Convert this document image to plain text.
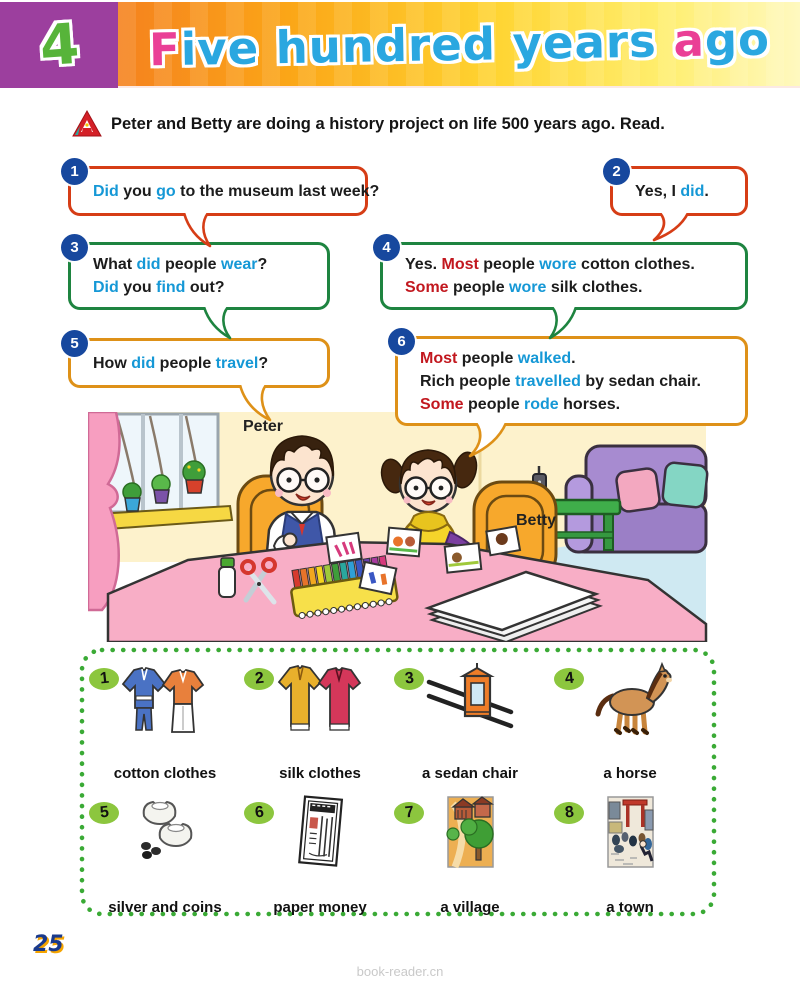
4 Five hundred years ago
Peter and Betty are doing a history project on life 500 years ago. Read.
1
Did you go to the museum last week?
2
Yes, I did.
3
What did people wear?
Did you find out?
4
Yes. Most people wore cotton clothes.
Some people wore silk clothes.
5
How did people travel?
6
Most people walked.
Rich people travelled by sedan chair.
Some people rode horses.
Peter
Betty
1
cotton clothes
2
silk clothes
3
a sedan chair
4
a horse
5
silver and coins
6
paper money
7
a village
8
a town
25
book-reader.cn
